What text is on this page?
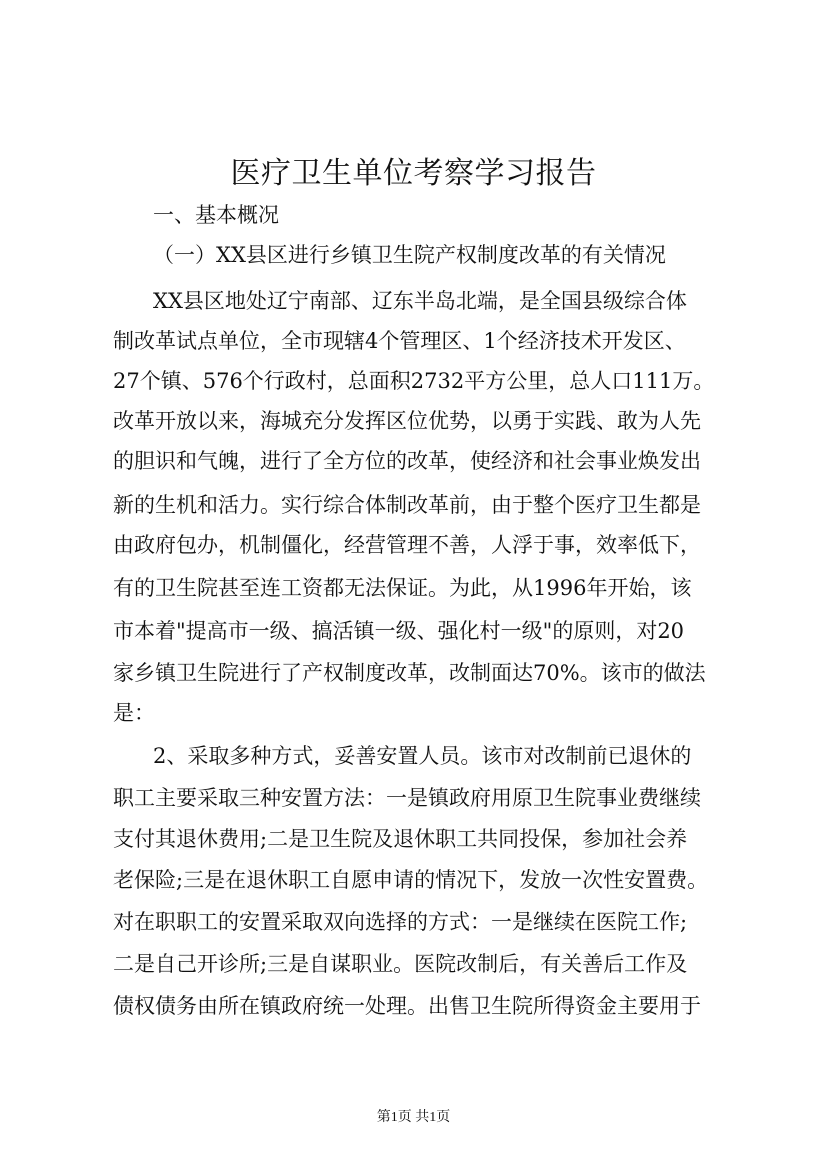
医疗卫生单位考察学习报告
一、基本概况
（一）XX县区进行乡镇卫生院产权制度改革的有关情况
XX县区地处辽宁南部、辽东半岛北端，是全国县级综合体
制改革试点单位，全市现辖4个管理区、1个经济技术开发区、
27个镇、576个行政村，总面积2732平方公里，总人口111万。
改革开放以来，海城充分发挥区位优势，以勇于实践、敢为人先
的胆识和气魄，进行了全方位的改革，使经济和社会事业焕发出
新的生机和活力。实行综合体制改革前，由于整个医疗卫生都是
由政府包办，机制僵化，经营管理不善，人浮于事，效率低下，
有的卫生院甚至连工资都无法保证。为此，从1996年开始，该
市本着"提高市一级、搞活镇一级、强化村一级"的原则，对20
家乡镇卫生院进行了产权制度改革，改制面达70%。该市的做法
是：
2、采取多种方式，妥善安置人员。该市对改制前已退休的
职工主要采取三种安置方法：一是镇政府用原卫生院事业费继续
支付其退休费用;二是卫生院及退休职工共同投保，参加社会养
老保险;三是在退休职工自愿申请的情况下，发放一次性安置费。
对在职职工的安置采取双向选择的方式：一是继续在医院工作;
二是自己开诊所;三是自谋职业。医院改制后，有关善后工作及
债权债务由所在镇政府统一处理。出售卫生院所得资金主要用于
第1页 共1页
